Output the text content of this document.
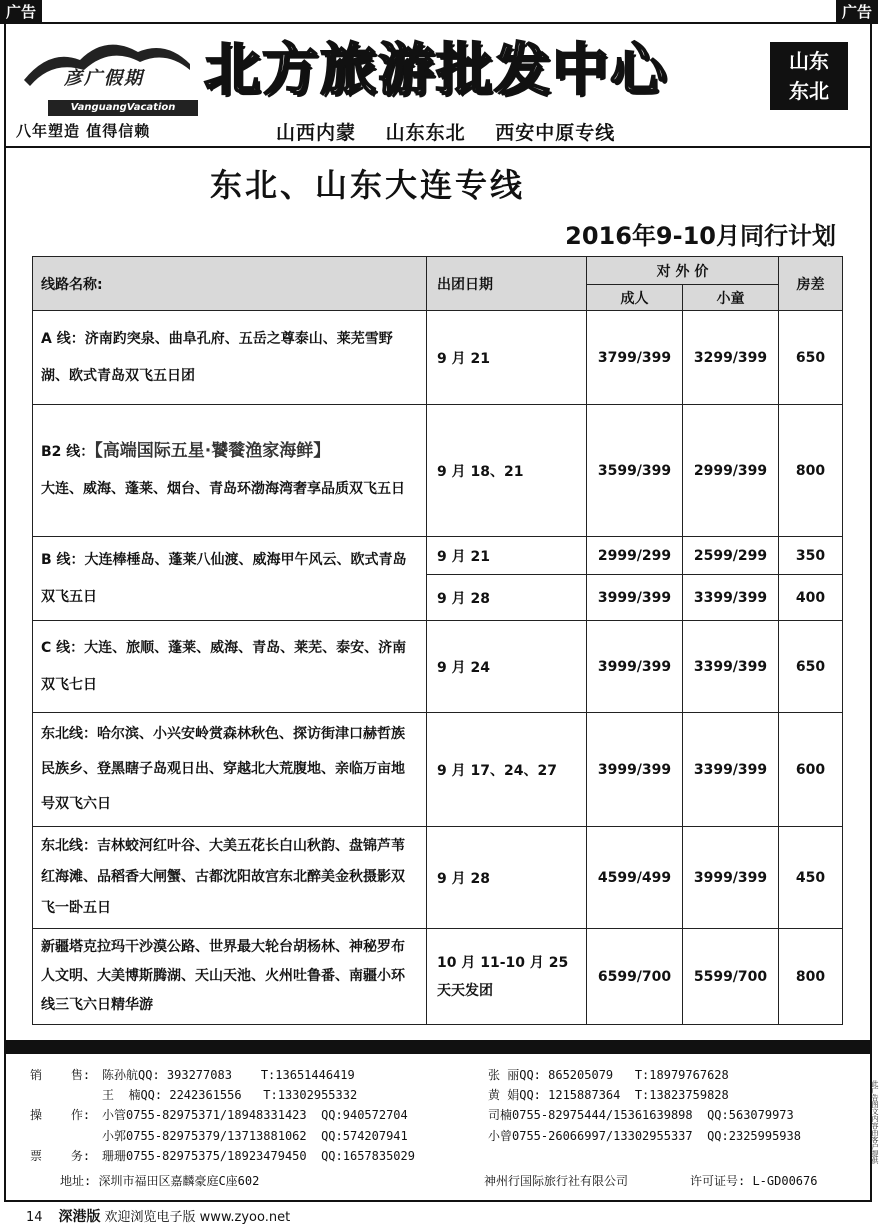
广告	广告
彦广假期
VanguangVacation
八年塑造 值得信赖
北方旅游批发中心	山东
东北
山西内蒙 山东东北 西安中原专线
东北、山东大连专线
2016年9-10月同行计划
线路名称:	出团日期	对 外 价		房差
		成人	小童	
A 线：济南趵突泉、曲阜孔府、五岳之尊泰山、莱芜雪野湖、欧式青岛双飞五日团	9 月 21	3799/399	3299/399	650
B2 线：【高端国际五星·饕餮渔家海鲜】
大连、威海、蓬莱、烟台、青岛环渤海湾奢享品质双飞五日	9 月 18、21	3599/399	2999/399	800
B 线：大连棒棰岛、蓬莱八仙渡、威海甲午风云、欧式青岛双飞五日	9 月 21	2999/299	2599/299	350
	9 月 28	3999/399	3399/399	400
C 线：大连、旅顺、蓬莱、威海、青岛、莱芜、泰安、济南双飞七日	9 月 24	3999/399	3399/399	650
东北线：哈尔滨、小兴安岭赏森林秋色、探访街津口赫哲族民族乡、登黑瞎子岛观日出、穿越北大荒腹地、亲临万亩地号双飞六日	9 月 17、24、27	3999/399	3399/399	600
东北线：吉林蛟河红叶谷、大美五花长白山秋韵、盘锦芦苇红海滩、品稻香大闸蟹、古都沈阳故宫东北醉美金秋摄影双飞一卧五日	9 月 28	4599/499	3999/399	450
新疆塔克拉玛干沙漠公路、世界最大轮台胡杨林、神秘罗布人文明、大美博斯腾湖、天山天池、火州吐鲁番、南疆小环线三飞六日精华游	10 月 11-10 月 25 天天发团	6599/700	5599/700	800
销    售: 陈孙航QQ: 393277083    T:13651446419
王  楠QQ: 2242361556   T:13302955332
张 丽QQ: 865205079   T:18979767628
黄 娟QQ: 1215887364  T:13823759828
操    作: 小管0755-82975371/18948331423  QQ:940572704
小郭0755-82975379/13713881062  QQ:574207941
司楠0755-82975444/15361639898  QQ:563079973
小曾0755-26066997/13302955337  QQ:2325995938
票    务: 珊珊0755-82975375/18923479450  QQ:1657835029
地址: 深圳市福田区嘉麟豪庭C座602	神州行国际旅行社有限公司	许可证号: L-GD00676
此广告图文内容由客户提供
14 深港版 欢迎浏览电子版 www.zyoo.net
